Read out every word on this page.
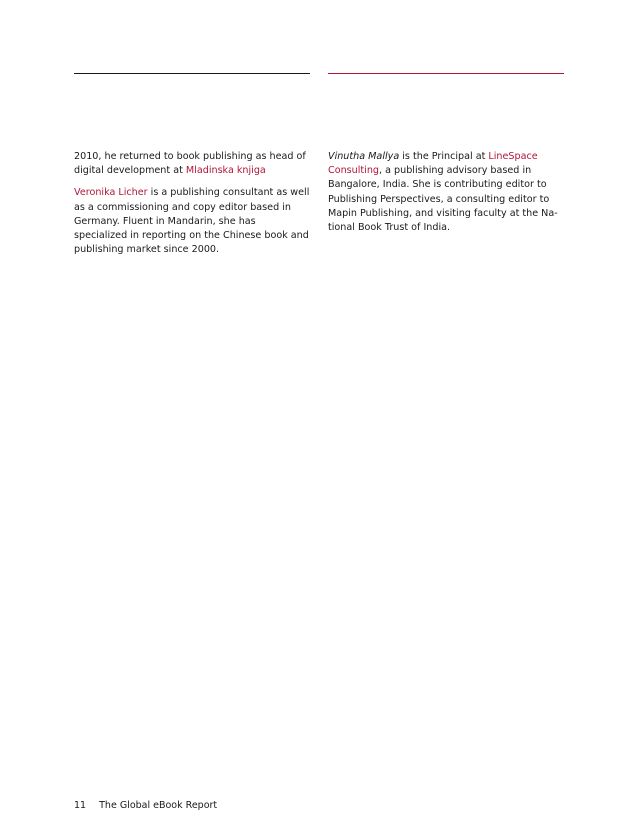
2010, he returned to book publishing as head of digital development at Mladinska knjiga

Veronika Licher is a publishing consultant as well as a commissioning and copy editor based in Germany. Fluent in Mandarin, she has specialized in reporting on the Chinese book and publishing market since 2000.

Vinutha Mallya is the Principal at LineSpace Consulting, a publishing advisory based in Bangalore, India. She is contributing editor to Publishing Perspectives, a consulting editor to Mapin Publishing, and visiting faculty at the National Book Trust of India.

11 The Global eBook Report
